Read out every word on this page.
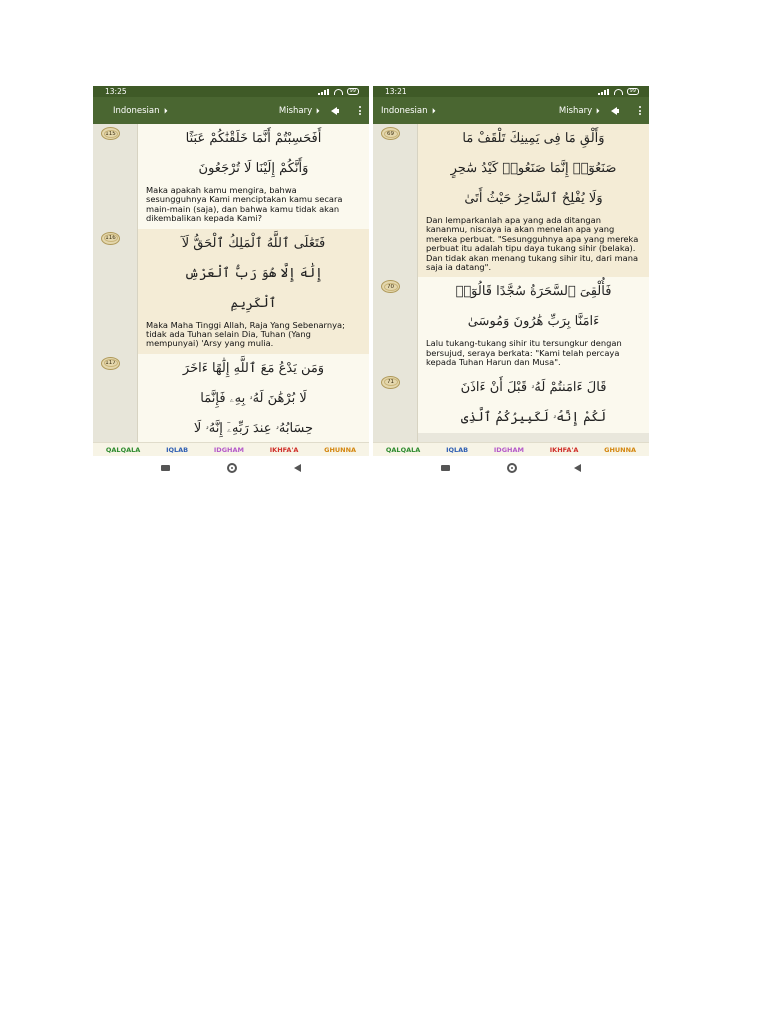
13:25	99
Indonesian ◢	Mishary ◢
115	أَفَحَسِبْتُمْ أَنَّمَا خَلَقْنَٰكُمْ عَبَثًا
وَأَنَّكُمْ إِلَيْنَا لَا تُرْجَعُونَ
Maka apakah kamu mengira, bahwa sesungguhnya Kami menciptakan kamu secara main-main (saja), dan bahwa kamu tidak akan dikembalikan kepada Kami?
116	فَتَعَٰلَى ٱللَّهُ ٱلْمَلِكُ ٱلْحَقُّ لَآ
إِلَٰهَ إِلَّا هُوَ رَبُّ ٱلْعَرْشِ
ٱلْكَرِيمِ
Maka Maha Tinggi Allah, Raja Yang Sebenarnya; tidak ada Tuhan selain Dia, Tuhan (Yang mempunyai) 'Arsy yang mulia.
117	وَمَن يَدْعُ مَعَ ٱللَّهِ إِلَٰهًا ءَاخَرَ
لَا بُرْهَٰنَ لَهُۥ بِهِۦ فَإِنَّمَا
حِسَابُهُۥ عِندَ رَبِّهِۦٓ إِنَّهُۥ لَا
QALQALA	IQLAB	IDGHAM	IKHFA'A	GHUNNA
13:21	99
Indonesian ◢	Mishary ◢
69	وَأَلْقِ مَا فِى يَمِينِكَ تَلْقَفْ مَا
صَنَعُوٓا۟ إِنَّمَا صَنَعُوا۟ كَيْدُ سَٰحِرٍ
وَلَا يُفْلِحُ ٱلسَّاحِرُ حَيْثُ أَتَىٰ
Dan lemparkanlah apa yang ada ditangan kananmu, niscaya ia akan menelan apa yang mereka perbuat. "Sesungguhnya apa yang mereka perbuat itu adalah tipu daya tukang sihir (belaka). Dan tidak akan menang tukang sihir itu, dari mana saja ia datang".
70	فَأُلْقِىَ ٱلسَّحَرَةُ سُجَّدًا قَالُوٓا۟
ءَامَنَّا بِرَبِّ هَٰرُونَ وَمُوسَىٰ
Lalu tukang-tukang sihir itu tersungkur dengan bersujud, seraya berkata: "Kami telah percaya kepada Tuhan Harun dan Musa".
71	قَالَ ءَامَنتُمْ لَهُۥ قَبْلَ أَنْ ءَاذَنَ
لَكُمْ إِنَّهُۥ لَكَبِيرُكُمُ ٱلَّذِى
QALQALA	IQLAB	IDGHAM	IKHFA'A	GHUNNA
